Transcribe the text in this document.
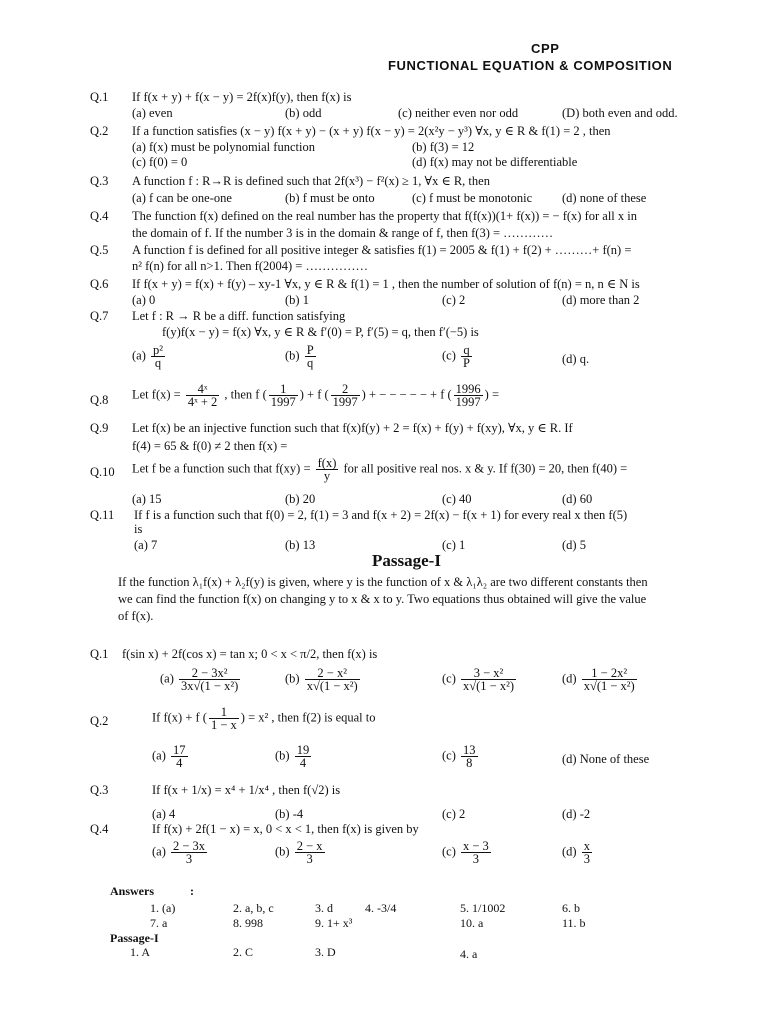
CPP
FUNCTIONAL EQUATION & COMPOSITION
Q.1 If f(x + y) + f(x − y) = 2f(x)f(y), then f(x) is
(a) even	(b) odd	(c) neither even nor odd	(D) both even and odd.
Q.2 If a function satisfies (x − y) f(x + y) − (x + y) f(x − y) = 2(x²y − y³) ∀x, y ∈ R & f(1) = 2 , then
(a) f(x) must be polynomial function	(b) f(3) = 12
(c) f(0) = 0	(d) f(x) may not be differentiable
Q.3 A function f : R→R is defined such that 2f(x³) − f²(x) ≥ 1, ∀x ∈ R, then
(a) f can be one-one	(b) f must be onto	(c) f must be monotonic (d) none of these
Q.4 The function f(x) defined on the real number has the property that f(f(x))(1+ f(x)) = − f(x) for all x in
the domain of f. If the number 3 is in the domain & range of f, then f(3) = …………
Q.5 A function f is defined for all positive integer & satisfies f(1) = 2005 & f(1) + f(2) + ………+ f(n) =
n² f(n) for all n>1. Then f(2004) = ……………
Q.6 If f(x + y) = f(x) + f(y) – xy-1 ∀x, y ∈ R & f(1) = 1 , then the number of solution of f(n) = n, n ∈ N is
(a) 0	(b) 1	(c) 2	(d) more than 2
Q.7 Let f : R → R be a diff. function satisfying
f(y)f(x − y) = f(x) ∀x, y ∈ R & f′(0) = P, f′(5) = q, then f′(−5) is
$(a) \frac{\text{p²}}{q}$	$(b) \frac{P}{q}$	$(c) \frac{q}{P}$	(d) q.
Q.8 Let $f(x) = \frac{\text{4ˣ}}{\text{4ˣ + 2}}$ , then f ( $\frac{1}{1997}$ ) + f ( $\frac{2}{1997}$ ) + − − − − − + f ( $\frac{1996}{1997}$ ) =
Q.9 Let f(x) be an injective function such that f(x)f(y) + 2 = f(x) + f(y) + f(xy), ∀x, y ∈ R. If
f(4) = 65 & f(0) ≠ 2 then f(x) =
Q.10 Let f be a function such that $f(xy) = \frac{f(x)}{y}$ for all positive real nos. x & y. If f(30) = 20, then f(40) =
(a) 15	(b) 20	(c) 40	(d) 60
Q.11 If f is a function such that f(0) = 2, f(1) = 3 and f(x + 2) = 2f(x) − f(x + 1) for every real x then f(5)
is
(a) 7	(b) 13	(c) 1	(d) 5
Passage-I
If the function λ₁f(x) + λ₂f(y) is given, where y is the function of x & λ₁λ₂ are two different constants then we can find the function f(x) on changing y to x & x to y. Two equations thus obtained will give the value of f(x).
Q.1 f(sin x) + 2f(cos x) = tan x; 0 < x < π/2, then f(x) is
$(a) \frac{\text{2 − 3x²}}{\text{3x√(1 − x²)}}$	$(b) \frac{\text{2 − x²}}{\text{x√(1 − x²)}}$	$(c) \frac{\text{3 − x²}}{\text{x√(1 − x²)}}$	$(d) \frac{\text{1 − 2x²}}{\text{x√(1 − x²)}}$
Q.2	If f(x) + f ( $\frac{1}{1 - x}$ ) = x² , then f(2) is equal to
$(a) \frac{17}{4}$	$(b) \frac{19}{4}$	$(c) \frac{13}{8}$	(d) None of these
Q.3	If f(x + 1/x) = x⁴ + 1/x⁴ , then f(√2) is
(a) 4	(b) -4	(c) 2	(d) -2
Q.4	If f(x) + 2f(1 − x) = x, 0 < x < 1, then f(x) is given by
$(a) \frac{2 - 3x}{3}$	$(b) \frac{2 - x}{3}$	$(c) \frac{x - 3}{3}$	$(d) \frac{x}{3}$
Answers	:
1. (a)	2. a, b, c	3. d	4. -3/4	5. 1/1002	6. b
7. a	8. 998	9. 1+ x³	10. a	11. b
Passage-I
1. A	2. C	3. D	4. a
